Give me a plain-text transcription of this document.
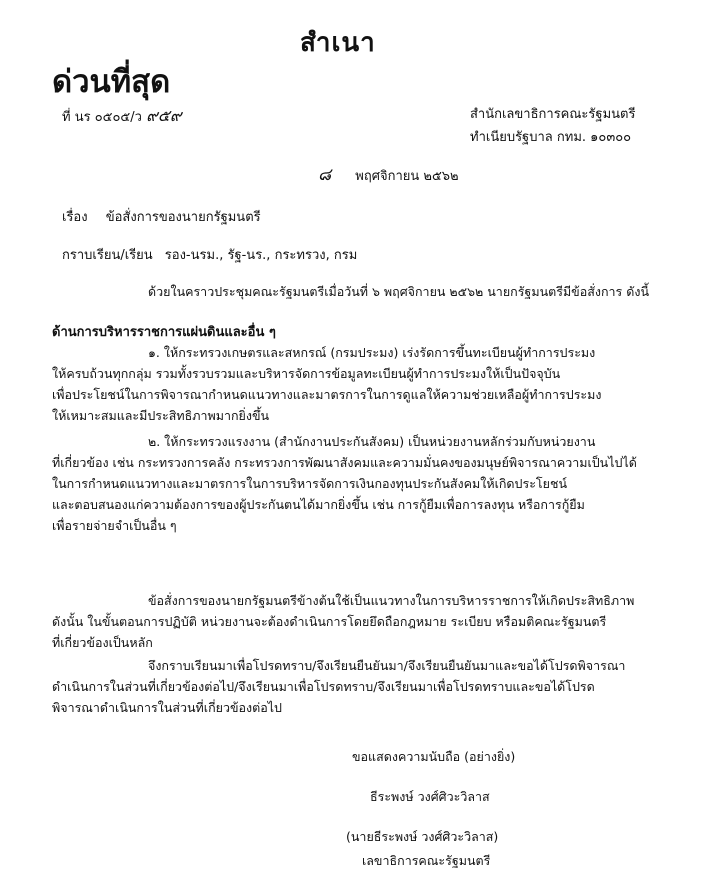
สำเนา
ด่วนที่สุด
ที่ นร ๐๕๐๕/ว ๙๕๙	สำนักเลขาธิการคณะรัฐมนตรี
ทำเนียบรัฐบาล กทม. ๑๐๓๐๐
๘ พฤศจิกายน ๒๕๖๒
เรื่อง ข้อสั่งการของนายกรัฐมนตรี
กราบเรียน/เรียน รอง-นรม., รัฐ-นร., กระทรวง, กรม
ด้วยในคราวประชุมคณะรัฐมนตรีเมื่อวันที่ ๖ พฤศจิกายน ๒๕๖๒ นายกรัฐมนตรีมีข้อสั่งการ ดังนี้
ด้านการบริหารราชการแผ่นดินและอื่น ๆ
๑. ให้กระทรวงเกษตรและสหกรณ์ (กรมประมง) เร่งรัดการขึ้นทะเบียนผู้ทำการประมง
ให้ครบถ้วนทุกกลุ่ม รวมทั้งรวบรวมและบริหารจัดการข้อมูลทะเบียนผู้ทำการประมงให้เป็นปัจจุบัน
เพื่อประโยชน์ในการพิจารณากำหนดแนวทางและมาตรการในการดูแลให้ความช่วยเหลือผู้ทำการประมง
ให้เหมาะสมและมีประสิทธิภาพมากยิ่งขึ้น
๒. ให้กระทรวงแรงงาน (สำนักงานประกันสังคม) เป็นหน่วยงานหลักร่วมกับหน่วยงาน
ที่เกี่ยวข้อง เช่น กระทรวงการคลัง กระทรวงการพัฒนาสังคมและความมั่นคงของมนุษย์พิจารณาความเป็นไปได้
ในการกำหนดแนวทางและมาตรการในการบริหารจัดการเงินกองทุนประกันสังคมให้เกิดประโยชน์
และตอบสนองแก่ความต้องการของผู้ประกันตนได้มากยิ่งขึ้น เช่น การกู้ยืมเพื่อการลงทุน หรือการกู้ยืม
เพื่อรายจ่ายจำเป็นอื่น ๆ
ข้อสั่งการของนายกรัฐมนตรีข้างต้นใช้เป็นแนวทางในการบริหารราชการให้เกิดประสิทธิภาพ
ดังนั้น ในขั้นตอนการปฏิบัติ หน่วยงานจะต้องดำเนินการโดยยึดถือกฎหมาย ระเบียบ หรือมติคณะรัฐมนตรี
ที่เกี่ยวข้องเป็นหลัก
จึงกราบเรียนมาเพื่อโปรดทราบ/จึงเรียนยืนยันมา/จึงเรียนยืนยันมาและขอได้โปรดพิจารณา
ดำเนินการในส่วนที่เกี่ยวข้องต่อไป/จึงเรียนมาเพื่อโปรดทราบ/จึงเรียนมาเพื่อโปรดทราบและขอได้โปรด
พิจารณาดำเนินการในส่วนที่เกี่ยวข้องต่อไป
ขอแสดงความนับถือ (อย่างยิ่ง)
ธีระพงษ์ วงศ์ศิวะวิลาส
(นายธีระพงษ์ วงศ์ศิวะวิลาส)
เลขาธิการคณะรัฐมนตรี
